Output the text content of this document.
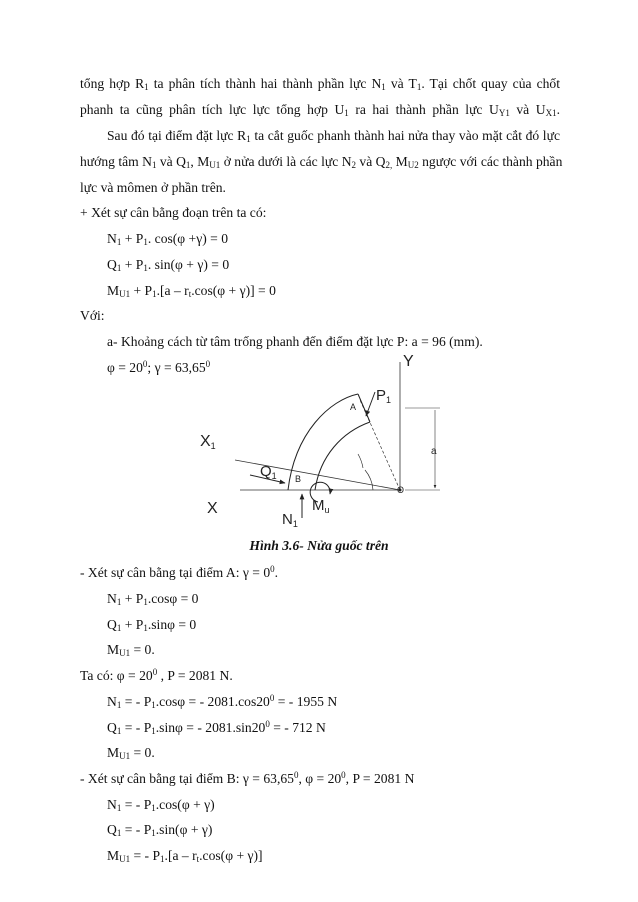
tổng hợp $R_1$ ta phân tích thành hai thành phần lực $N_1$ và $T_1$. Tại chốt quay của chốt
phanh ta cũng phân tích lực lực tổng hợp $U_1$ ra hai thành phần lực $U_{Y1}$ và $U_{X1}$.
Sau đó tại điểm đặt lực $R_1$ ta cắt guốc phanh thành hai nửa thay vào mặt cắt đó lực
hướng tâm $N_1$ và $Q_1$, $M_{U1}$ ở nửa dưới là các lực $N_2$ và $Q_{2,}$ $M_{U2}$ ngược với các thành phần
lực và mômen ở phần trên.
+ Xét sự cân bằng đoạn trên ta có:
$N_1 + P_1$. cos(φ +γ) = 0
$Q_1 + P_1$. sin(φ + γ) = 0
$M_{U1} + P_1.[a - r_t.\cos(\varphi + \gamma)] = 0$
Với:
a- Khoảng cách từ tâm trống phanh đến điểm đặt lực P: a = 96 (mm).
$\varphi = 20^0$; $\gamma = 63,65^0$	Y
$P_1$
A
X1
$Q_1$ B
O
X	$M_u$
$N_1$
a
Hình 3.6- Nửa guốc trên
- Xét sự cân bằng tại điểm A: $\gamma = 0^0$.
$N_1 + P_1.\cos\varphi = 0$
$Q_1 + P_1.\sin\varphi = 0$
$M_{U1} = 0$.
Ta có: $\varphi = 20^0$ , P = 2081 N.
$N_1$ = - $P_1.\cos\varphi$ = - $2081.\cos 20^0$ = - 1955 N
$Q_1$ = - $P_1.\sin\varphi$ = - $2081.\sin 20^0$ = - 712 N
$M_{U1} = 0$.
- Xét sự cân bằng tại điểm B: $\gamma = 63,65^0$, $\varphi = 20^0$, P = 2081 N
$N_1$ = - $P_1.\cos(\varphi + \gamma)$
$Q_1$ = - $P_1.\sin(\varphi + \gamma)$
$M_{U1}$ = - $P_1.[a - r_t.\cos(\varphi + \gamma)]$
